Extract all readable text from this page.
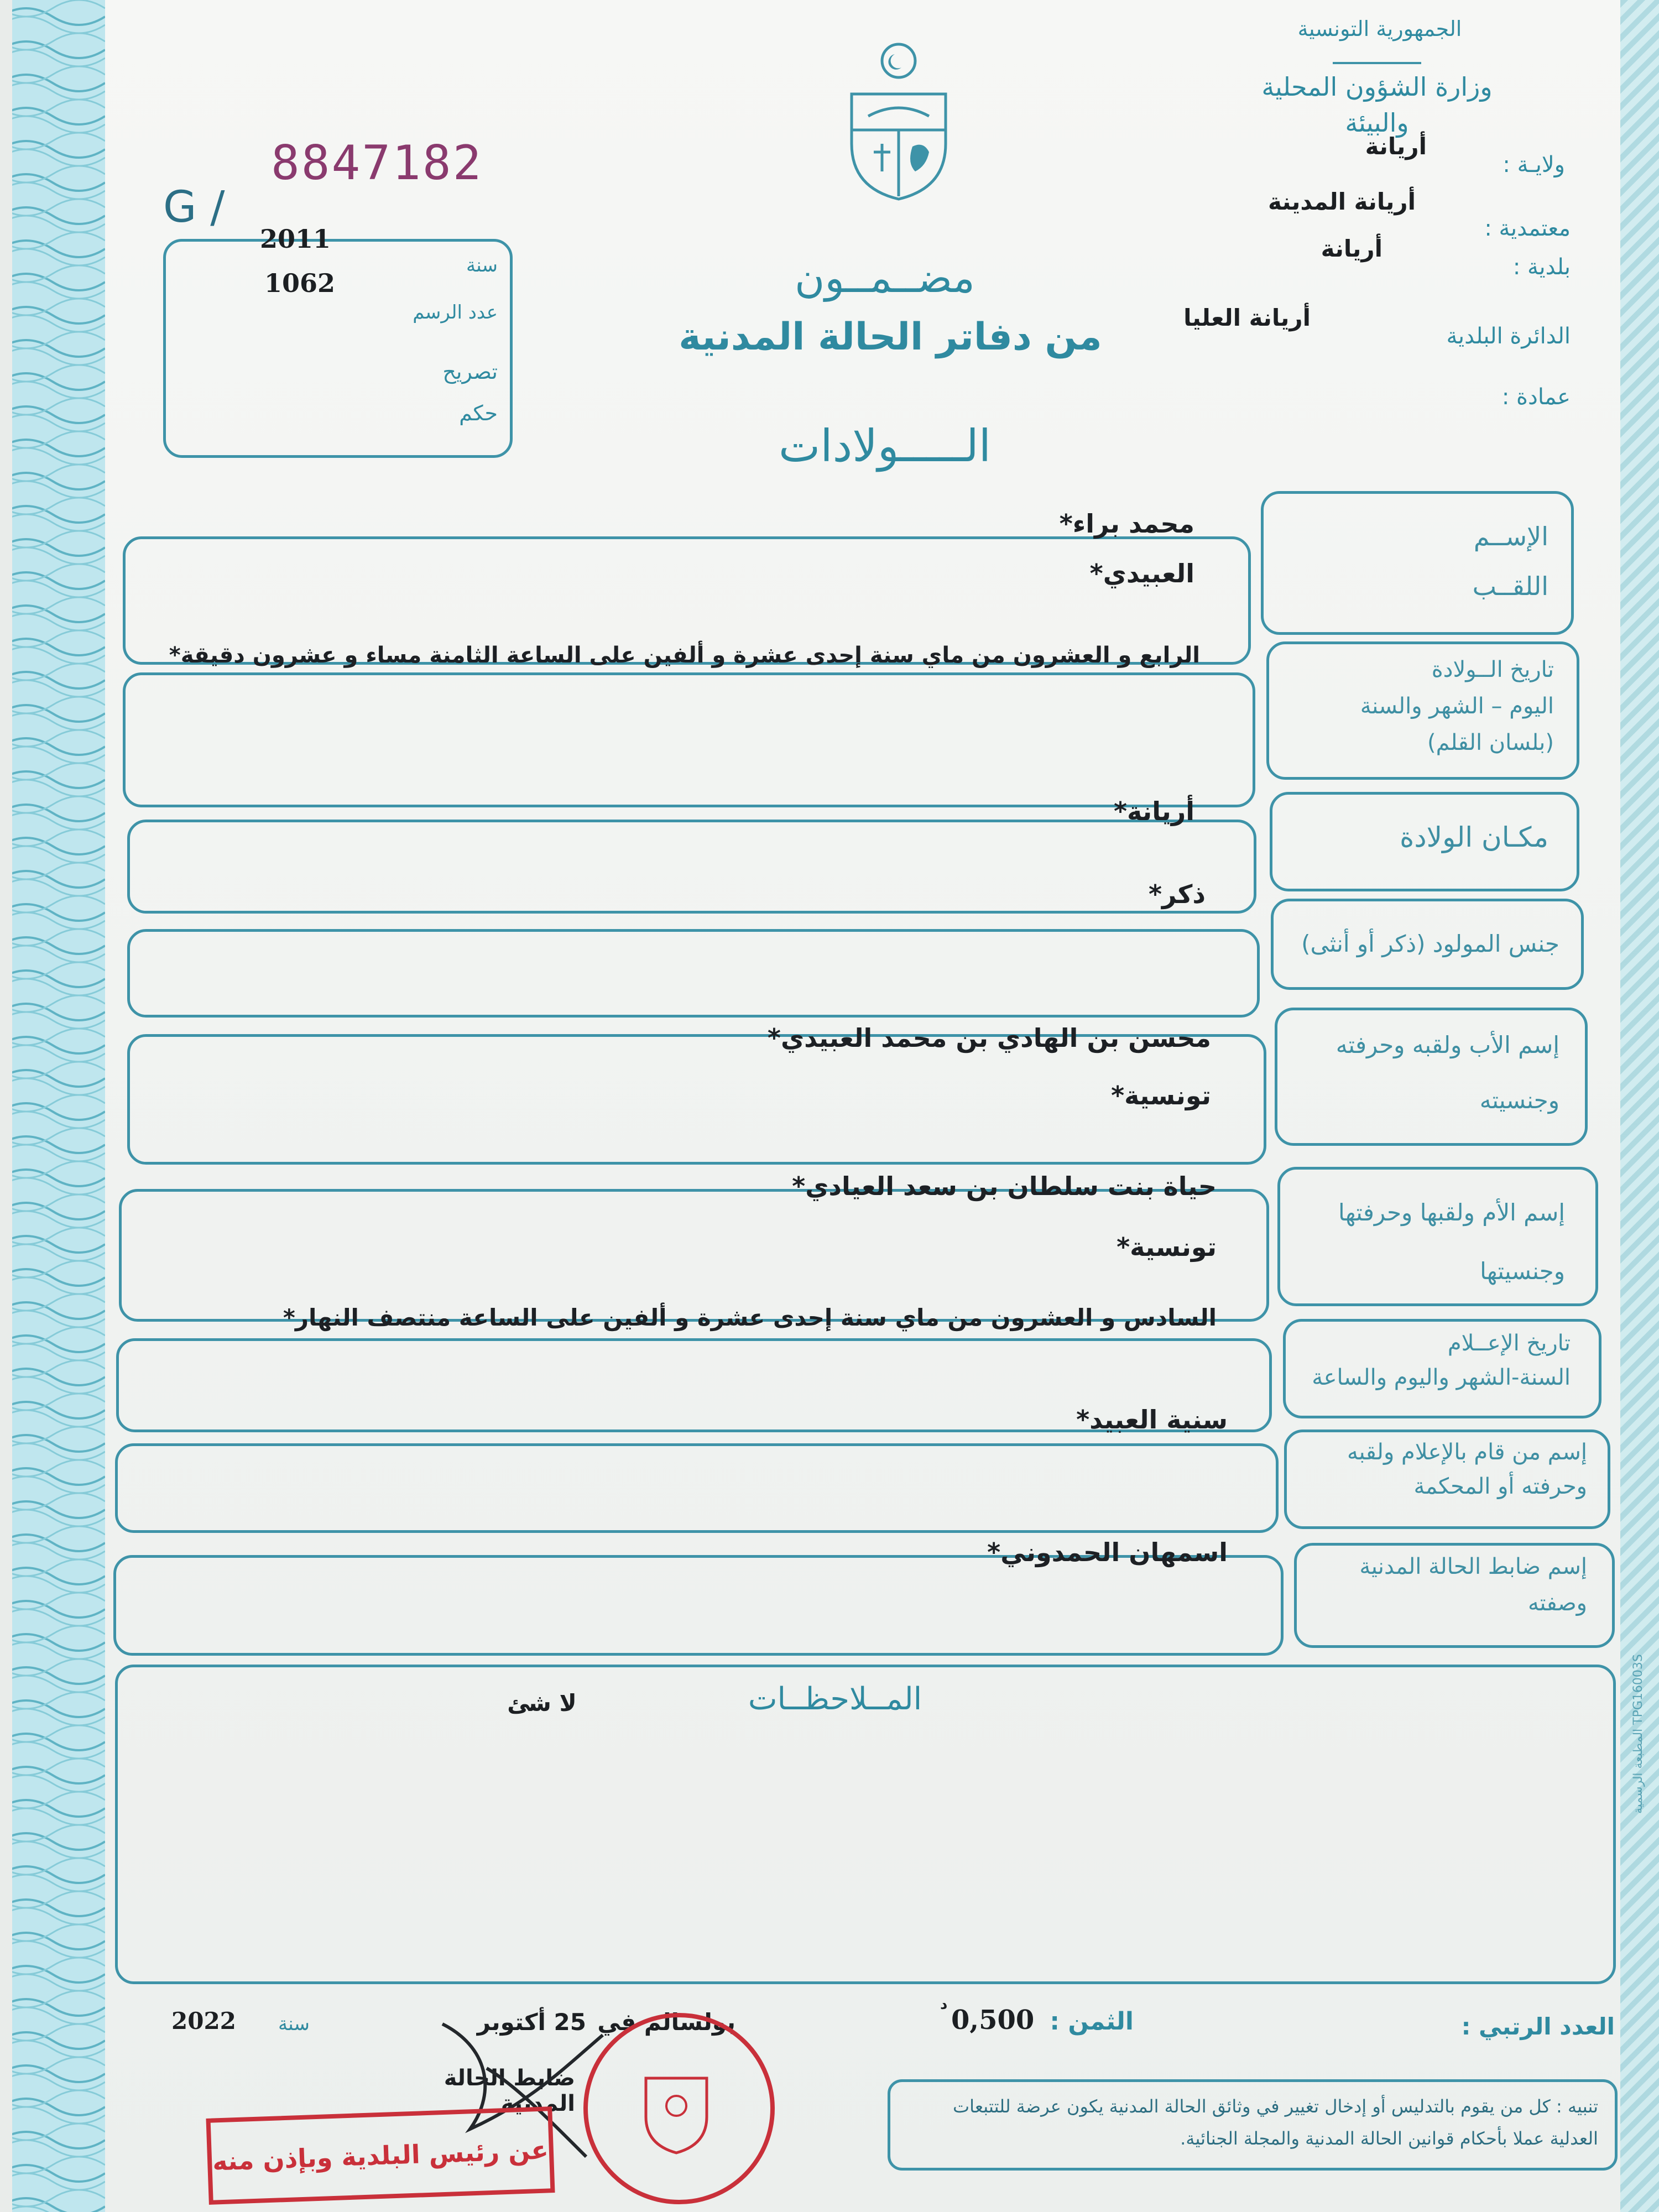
الجمهورية التونسية
وزارة الشؤون المحلية
والبيئة
ولايـة :
أريانة
معتمدية :
أريانة المدينة
بلدية :
أريانة
الدائرة البلدية
أريانة العليا
عمادة :
G /
8847182
2011
1062
سنة
عدد الرسم
تصريح
حكم
مضــمــون
من دفاتر الحالة المدنية
الـــــولادات
الإســم
اللقــب
محمد براء*
العبيدي*
تاريخ الــولادة
اليوم – الشهر والسنة
(بلسان القلم)
الرابع و العشرون من ماي سنة إحدى عشرة و ألفين على الساعة الثامنة مساء و عشرون دقيقة*
مكـان الولادة
أريانة*
جنس المولود (ذكر أو أنثى)
ذكر*
إسم الأب ولقبه وحرفته
وجنسيته
محسن بن الهادي بن محمد العبيدي*
تونسية*
إسم الأم ولقبها وحرفتها
وجنسيتها
حياة بنت سلطان بن سعد العيادي*
تونسية*
تاريخ الإعــلام
السنة-الشهر واليوم والساعة
السادس و العشرون من ماي سنة إحدى عشرة و ألفين على الساعة منتصف النهار*
إسم من قام بالإعلام ولقبه
وحرفته أو المحكمة
سنية العبيد*
إسم ضابط الحالة المدنية
وصفته
اسمهان الحمدوني*
المــلاحظــات
لا شئ
المطبعة الرسمية TPG16003S
العدد الرتبي :
الثمن :
0,500
د
بولسالم في
25 أكتوبر
سنة
2022
ضابط الحالة المدنية
عن رئيس البلدية وبإذن منه
تنبيه : كل من يقوم بالتدليس أو إدخال تغيير في وثائق الحالة المدنية يكون عرضة للتتبعات العدلية عملا بأحكام قوانين الحالة المدنية والمجلة الجنائية.
